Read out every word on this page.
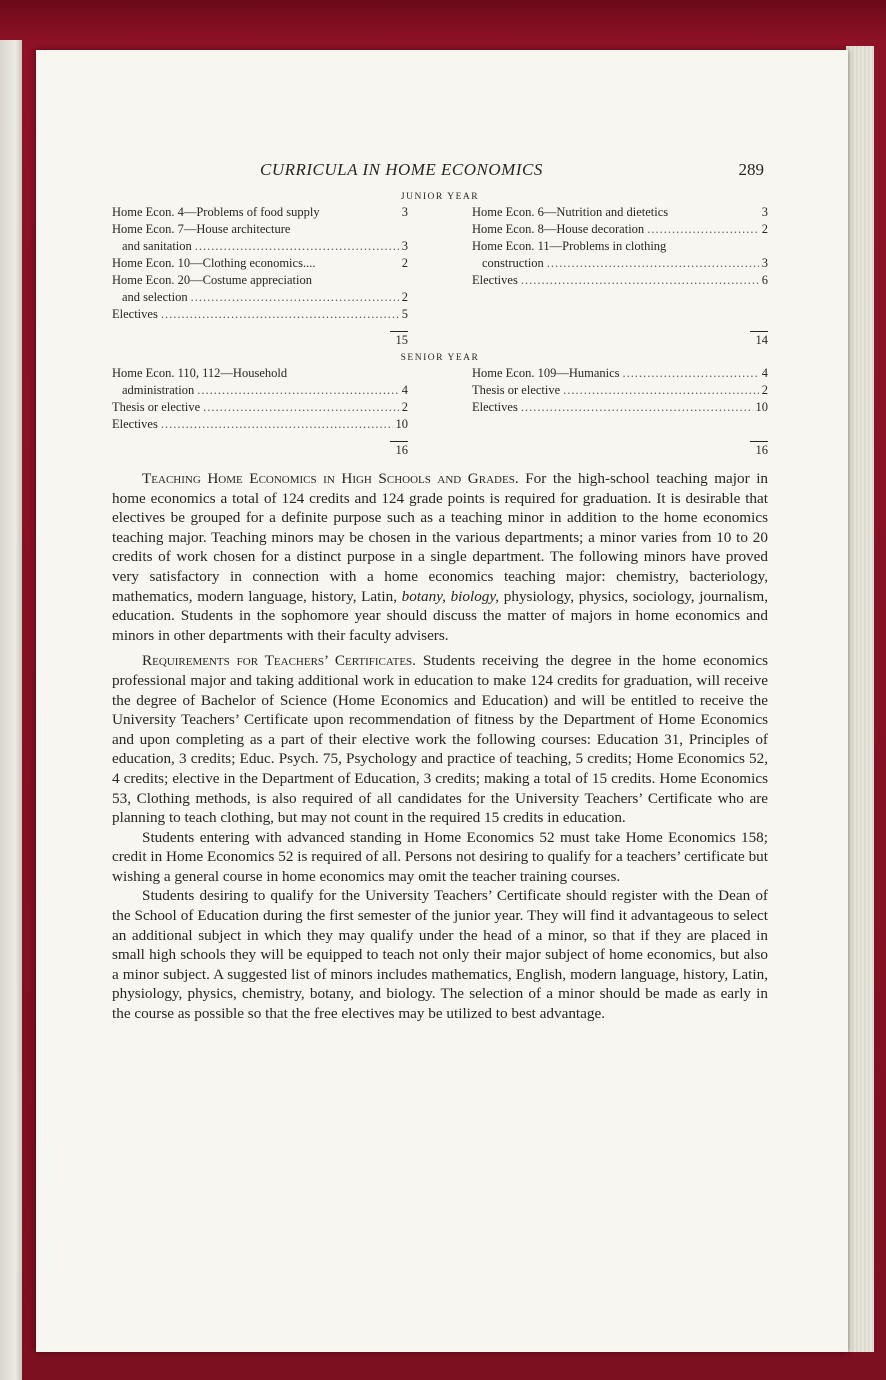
CURRICULA IN HOME ECONOMICS	289
JUNIOR YEAR
Home Econ. 4—Problems of food supply	3
Home Econ. 7—House architecture
and sanitation .....	3
Home Econ. 10—Clothing economics....	2
Home Econ. 20—Costume appreciation
and selection .....	2
Electives .....	5
15
Home Econ. 6—Nutrition and dietetics	3
Home Econ. 8—House decoration .....	2
Home Econ. 11—Problems in clothing
construction .....	3
Electives .....	6
14
SENIOR YEAR
Home Econ. 110, 112—Household
administration .....	4
Thesis or elective .....	2
Electives .....	10
16
Home Econ. 109—Humanics .....	4
Thesis or elective .....	2
Electives .....	10
16

Teaching Home Economics in High Schools and Grades. For the high-school teaching major in home economics a total of 124 credits and 124 grade points is required for graduation. It is desirable that electives be grouped for a definite purpose such as a teaching minor in addition to the home economics teaching major. Teaching minors may be chosen in the various departments; a minor varies from 10 to 20 credits of work chosen for a distinct purpose in a single department. The following minors have proved very satisfactory in connection with a home economics teaching major: chemistry, bacteriology, mathematics, modern language, history, Latin, botany, biology, physiology, physics, sociology, journalism, education. Students in the sophomore year should discuss the matter of majors in home economics and minors in other departments with their faculty advisers.

Requirements for Teachers’ Certificates. Students receiving the degree in the home economics professional major and taking additional work in education to make 124 credits for graduation, will receive the degree of Bachelor of Science (Home Economics and Education) and will be entitled to receive the University Teachers’ Certificate upon recommendation of fitness by the Department of Home Economics and upon completing as a part of their elective work the following courses: Education 31, Principles of education, 3 credits; Educ. Psych. 75, Psychology and practice of teaching, 5 credits; Home Economics 52, 4 credits; elective in the Department of Education, 3 credits; making a total of 15 credits. Home Economics 53, Clothing methods, is also required of all candidates for the University Teachers’ Certificate who are planning to teach clothing, but may not count in the required 15 credits in education.

Students entering with advanced standing in Home Economics 52 must take Home Economics 158; credit in Home Economics 52 is required of all. Persons not desiring to qualify for a teachers’ certificate but wishing a general course in home economics may omit the teacher training courses.

Students desiring to qualify for the University Teachers’ Certificate should register with the Dean of the School of Education during the first semester of the junior year. They will find it advantageous to select an additional subject in which they may qualify under the head of a minor, so that if they are placed in small high schools they will be equipped to teach not only their major subject of home economics, but also a minor subject. A suggested list of minors includes mathematics, English, modern language, history, Latin, physiology, physics, chemistry, botany, and biology. The selection of a minor should be made as early in the course as possible so that the free electives may be utilized to best advantage.
